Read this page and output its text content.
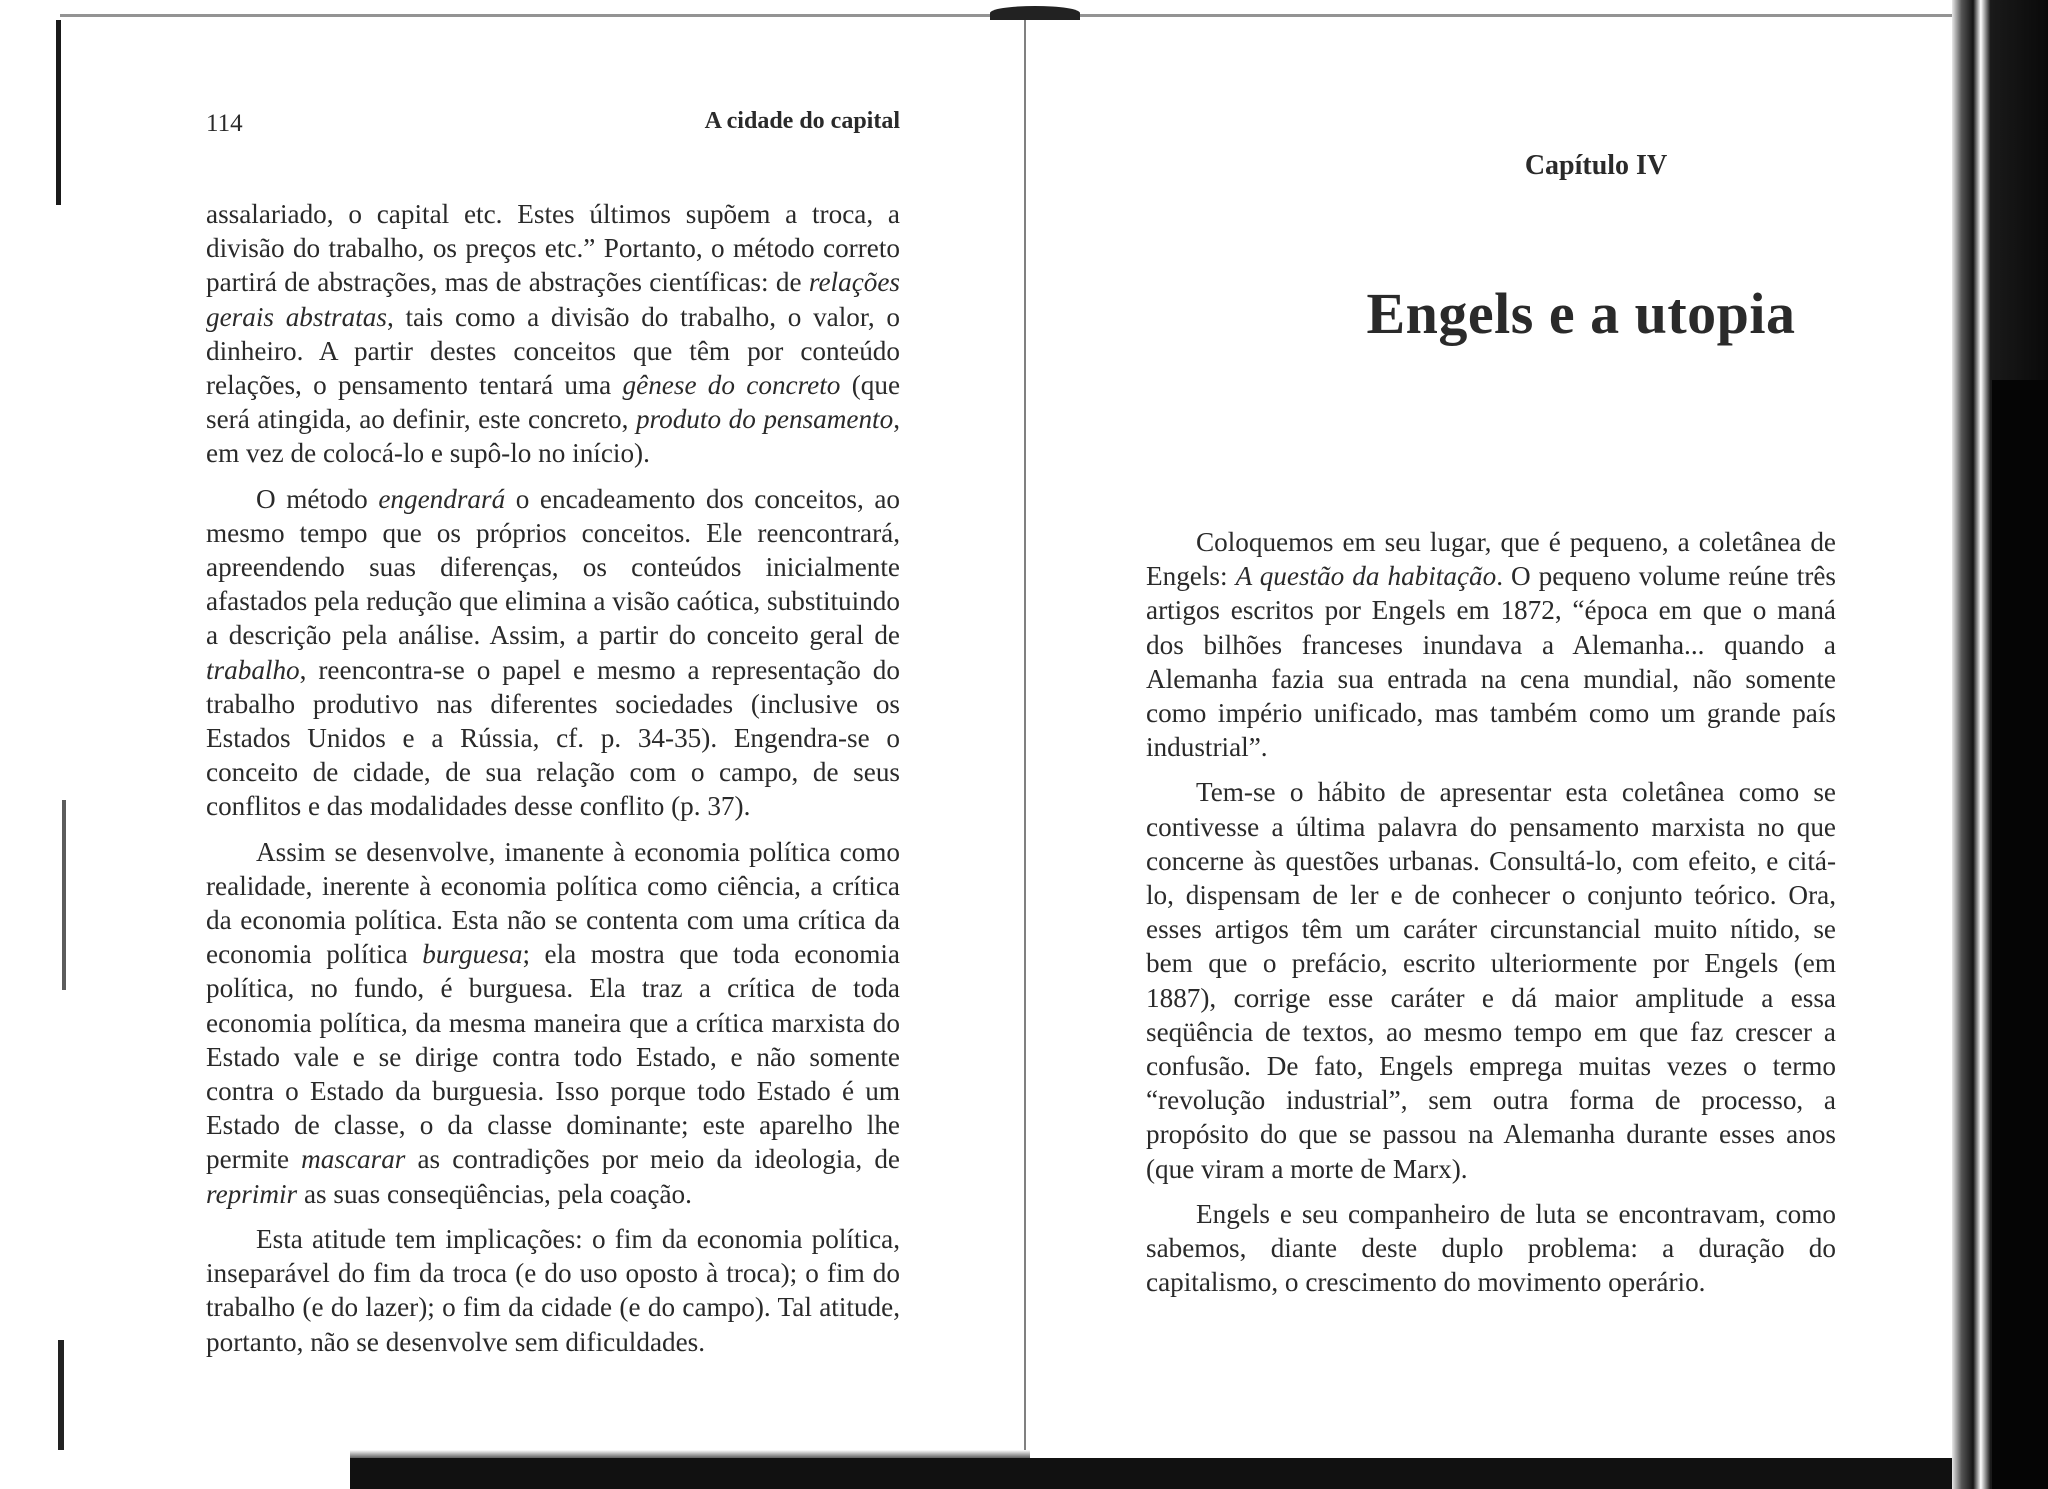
114	A cidade do capital

assalariado, o capital etc. Estes últimos supõem a troca, a divisão do trabalho, os preços etc.” Portanto, o método correto partirá de abstrações, mas de abstrações científicas: de relações gerais abstratas, tais como a divisão do trabalho, o valor, o dinheiro. A partir destes conceitos que têm por conteúdo relações, o pensamento tentará uma gênese do concreto (que será atingida, ao definir, este concreto, produto do pensamento, em vez de colocá-lo e supô-lo no início).

O método engendrará o encadeamento dos conceitos, ao mesmo tempo que os próprios conceitos. Ele reencontrará, apreendendo suas diferenças, os conteúdos inicialmente afastados pela redução que elimina a visão caótica, substituindo a descrição pela análise. Assim, a partir do conceito geral de trabalho, reencontra-se o papel e mesmo a representação do trabalho produtivo nas diferentes sociedades (inclusive os Estados Unidos e a Rússia, cf. p. 34-35). Engendra-se o conceito de cidade, de sua relação com o campo, de seus conflitos e das modalidades desse conflito (p. 37).

Assim se desenvolve, imanente à economia política como realidade, inerente à economia política como ciência, a crítica da economia política. Esta não se contenta com uma crítica da economia política burguesa; ela mostra que toda economia política, no fundo, é burguesa. Ela traz a crítica de toda economia política, da mesma maneira que a crítica marxista do Estado vale e se dirige contra todo Estado, e não somente contra o Estado da burguesia. Isso porque todo Estado é um Estado de classe, o da classe dominante; este aparelho lhe permite mascarar as contradições por meio da ideologia, de reprimir as suas conseqüências, pela coação.

Esta atitude tem implicações: o fim da economia política, inseparável do fim da troca (e do uso oposto à troca); o fim do trabalho (e do lazer); o fim da cidade (e do campo). Tal atitude, portanto, não se desenvolve sem dificuldades.

Capítulo IV
Engels e a utopia

Coloquemos em seu lugar, que é pequeno, a coletânea de Engels: A questão da habitação. O pequeno volume reúne três artigos escritos por Engels em 1872, “época em que o maná dos bilhões franceses inundava a Alemanha... quando a Alemanha fazia sua entrada na cena mundial, não somente como império unificado, mas também como um grande país industrial”.

Tem-se o hábito de apresentar esta coletânea como se contivesse a última palavra do pensamento marxista no que concerne às questões urbanas. Consultá-lo, com efeito, e citá-lo, dispensam de ler e de conhecer o conjunto teórico. Ora, esses artigos têm um caráter circunstancial muito nítido, se bem que o prefácio, escrito ulteriormente por Engels (em 1887), corrige esse caráter e dá maior amplitude a essa seqüência de textos, ao mesmo tempo em que faz crescer a confusão. De fato, Engels emprega muitas vezes o termo “revolução industrial”, sem outra forma de processo, a propósito do que se passou na Alemanha durante esses anos (que viram a morte de Marx).

Engels e seu companheiro de luta se encontravam, como sabemos, diante deste duplo problema: a duração do capitalismo, o crescimento do movimento operário.
